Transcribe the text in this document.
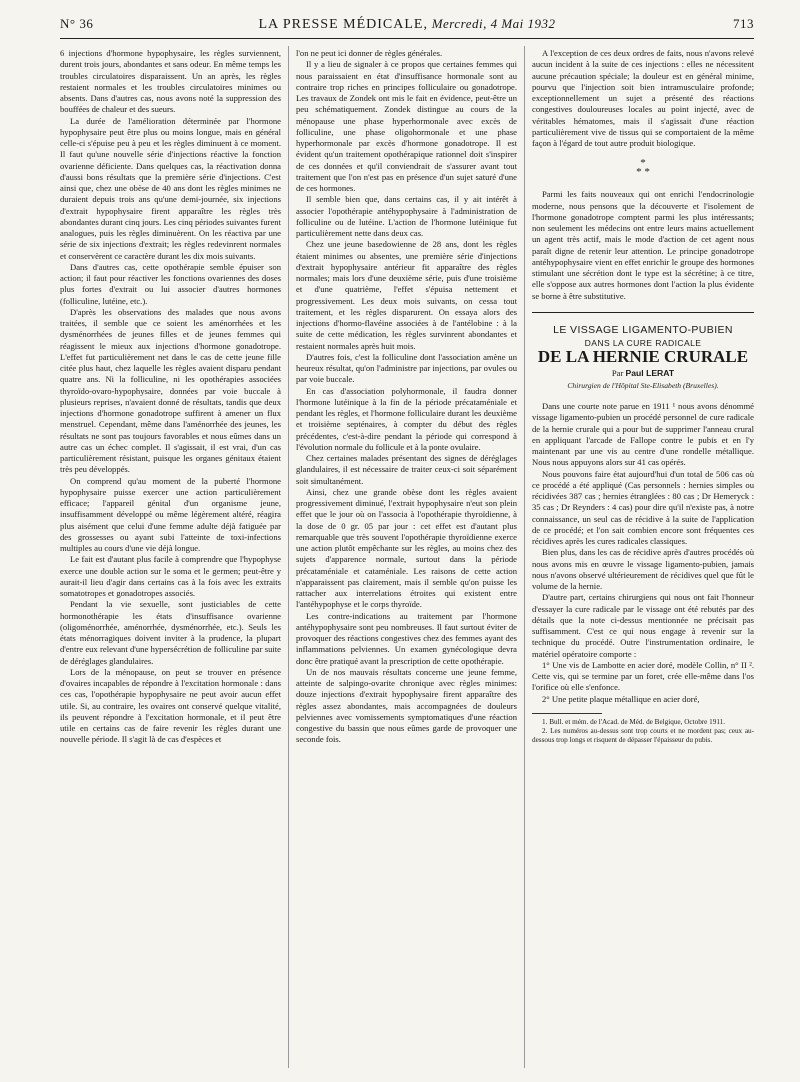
N° 36	LA PRESSE MÉDICALE, Mercredi, 4 Mai 1932	713

6 injections d'hormone hypophysaire, les règles surviennent, durent trois jours, abondantes et sans odeur. En même temps les troubles circulatoires disparaissent. Un an après, les règles restaient normales et les troubles circulatoires minimes ou absents. Dans d'autres cas, nous avons noté la suppression des bouffées de chaleur et des sueurs.

La durée de l'amélioration déterminée par l'hormone hypophysaire peut être plus ou moins longue, mais en général celle-ci s'épuise peu à peu et les règles diminuent à ce moment. Il faut qu'une nouvelle série d'injections réactive la fonction ovarienne déficiente. Dans quelques cas, la réactivation donna d'aussi bons résultats que la première série d'injections. C'est ainsi que, chez une obèse de 40 ans dont les règles minimes ne duraient depuis trois ans qu'une demi-journée, six injections d'extrait hypophysaire firent apparaître les règles très abondantes durant cinq jours. Les cinq périodes suivantes furent analogues, puis les règles diminuèrent. On les réactiva par une série de six injections d'extrait; les règles redevinrent normales et conservèrent ce caractère durant les dix mois suivants.

Dans d'autres cas, cette opothérapie semble épuiser son action; il faut pour réactiver les fonctions ovariennes des doses plus fortes d'extrait ou lui associer d'autres hormones (folliculine, lutéine, etc.).

D'après les observations des malades que nous avons traitées, il semble que ce soient les aménorrhées et les dysménorrhées de jeunes filles et de jeunes femmes qui réagissent le mieux aux injections d'hormone gonadotrope. L'effet fut particulièrement net dans le cas de cette jeune fille citée plus haut, chez laquelle les règles avaient disparu pendant quatre ans. Ni la folliculine, ni les opothérapies associées thyroïdo-ovaro-hypophysaire, données par voie buccale à plusieurs reprises, n'avaient donné de résultats, tandis que deux injections d'hormone gonadotrope suffirent à amener un flux menstruel. Cependant, même dans l'aménorrhée des jeunes, les résultats ne sont pas toujours favorables et nous eûmes dans un autre cas un échec complet. Il s'agissait, il est vrai, d'un cas particulièrement résistant, puisque les organes génitaux étaient très peu développés.

On comprend qu'au moment de la puberté l'hormone hypophysaire puisse exercer une action particulièrement efficace; l'appareil génital d'un organisme jeune, insuffisamment développé ou même légèrement altéré, réagira plus aisément que celui d'une femme adulte déjà fatiguée par des grossesses ou ayant subi l'atteinte de toxi-infections multiples au cours d'une vie déjà longue.

Le fait est d'autant plus facile à comprendre que l'hypophyse exerce une double action sur le soma et le germen; peut-être y aurait-il lieu d'agir dans certains cas à la fois avec les extraits somatotropes et gonadotropes associés.

Pendant la vie sexuelle, sont justiciables de cette hormonothérapie les états d'insuffisance ovarienne (oligoménorrhée, aménorrhée, dysménorrhée, etc.). Seuls les états ménorragiques doivent inviter à la prudence, la plupart d'entre eux relevant d'une hypersécrétion de folliculine par suite de déréglages glandulaires.

Lors de la ménopause, on peut se trouver en présence d'ovaires incapables de répondre à l'excitation hormonale : dans ces cas, l'opothérapie hypophysaire ne peut avoir aucun effet utile. Si, au contraire, les ovaires ont conservé quelque vitalité, ils peuvent répondre à l'excitation hormonale, et il peut être utile en certains cas de faire revenir les règles durant une nouvelle période. Il s'agit là de cas d'espèces et

l'on ne peut ici donner de règles générales.

Il y a lieu de signaler à ce propos que certaines femmes qui nous paraissaient en état d'insuffisance hormonale sont au contraire trop riches en principes folliculaire ou gonadotrope. Les travaux de Zondek ont mis le fait en évidence, peut-être un peu schématiquement. Zondek distingue au cours de la ménopause une phase hyperhormonale avec excès de folliculine, une phase oligohormonale et une phase hyperhormonale par excès d'hormone gonadotrope. Il est évident qu'un traitement opothérapique rationnel doit s'inspirer de ces données et qu'il conviendrait de s'assurer avant tout traitement que l'on n'est pas en présence d'un sujet saturé d'une de ces hormones.

Il semble bien que, dans certains cas, il y ait intérêt à associer l'opothérapie antéhypophysaire à l'administration de folliculine ou de lutéine. L'action de l'hormone lutéinique fut particulièrement nette dans deux cas.

Chez une jeune basedowienne de 28 ans, dont les règles étaient minimes ou absentes, une première série d'injections d'extrait hypophysaire antérieur fit apparaître des règles normales; mais lors d'une deuxième série, puis d'une troisième et d'une quatrième, l'effet s'épuisa nettement et progressivement. Les deux mois suivants, on cessa tout traitement, et les règles disparurent. On essaya alors des injections d'hormo-flavéine associées à de l'antélobine : à la suite de cette médication, les règles survinrent abondantes et restaient normales après huit mois.

D'autres fois, c'est la folliculine dont l'association amène un heureux résultat, qu'on l'administre par injections, par ovules ou par voie buccale.

En cas d'association polyhormonale, il faudra donner l'hormone lutéinique à la fin de la période précataméniale et pendant les règles, et l'hormone folliculaire durant les deuxième et troisième septénaires, à compter du début des règles précédentes, c'est-à-dire pendant la période qui correspond à l'évolution normale du follicule et à la ponte ovulaire.

Chez certaines malades présentant des signes de déréglages glandulaires, il est nécessaire de traiter ceux-ci soit séparément soit simultanément.

Ainsi, chez une grande obèse dont les règles avaient progressivement diminué, l'extrait hypophysaire n'eut son plein effet que le jour où on l'associa à l'opothérapie thyroïdienne, à la dose de 0 gr. 05 par jour : cet effet est d'autant plus remarquable que très souvent l'opothérapie thyroïdienne exerce une action plutôt empêchante sur les règles, au moins chez des sujets d'apparence normale, surtout dans la période précataméniale et cataméniale. Les raisons de cette action n'apparaissent pas clairement, mais il semble qu'on puisse les rattacher aux interrelations étroites qui existent entre l'antéhypophyse et le corps thyroïde.

Les contre-indications au traitement par l'hormone antéhypophysaire sont peu nombreuses. Il faut surtout éviter de provoquer des réactions congestives chez des femmes ayant des inflammations pelviennes. Un examen gynécologique devra donc être pratiqué avant la prescription de cette opothérapie.

Un de nos mauvais résultats concerne une jeune femme, atteinte de salpingo-ovarite chronique avec règles minimes: douze injections d'extrait hypophysaire firent apparaître des règles assez abondantes, mais accompagnées de douleurs pelviennes avec vomissements symptomatiques d'une réaction congestive du bassin que nous eûmes garde de provoquer une seconde fois.

A l'exception de ces deux ordres de faits, nous n'avons relevé aucun incident à la suite de ces injections : elles ne nécessitent aucune précaution spéciale; la douleur est en général minime, pourvu que l'injection soit bien intramusculaire profonde; exceptionnellement un sujet a présenté des réactions congestives douloureuses locales au point injecté, avec de véritables hématomes, mais il s'agissait d'une réaction particulièrement vive de tissus qui se comportaient de la même façon à l'égard de tout autre produit biologique.

*
* *

Parmi les faits nouveaux qui ont enrichi l'endocrinologie moderne, nous pensons que la découverte et l'isolement de l'hormone gonadotrope comptent parmi les plus intéressants; non seulement les médecins ont entre leurs mains actuellement un agent très actif, mais le mode d'action de cet agent nous paraît digne de retenir leur attention. Le principe gonadotrope antéhypophysaire vient en effet enrichir le groupe des hormones stimulant une sécrétion dont le type est la sécrétine; à ce titre, elle s'oppose aux autres hormones dont l'action la plus évidente se borne à être substitutive.

LE VISSAGE LIGAMENTO-PUBIEN
DANS LA CURE RADICALE
DE LA HERNIE CRURALE
Par Paul LERAT
Chirurgien de l'Hôpital Ste-Elisabeth (Bruxelles).

Dans une courte note parue en 1911 ¹ nous avons dénommé vissage ligamento-pubien un procédé personnel de cure radicale de la hernie crurale qui a pour but de supprimer l'anneau crural en appliquant l'arcade de Fallope contre le pubis et en l'y maintenant par une vis au centre d'une rondelle métallique. Nous nous appuyons alors sur 41 cas opérés.

Nous pouvons faire état aujourd'hui d'un total de 506 cas où ce procédé a été appliqué (Cas personnels : hernies simples ou récidivées 387 cas ; hernies étranglées : 80 cas ; Dr Hemeryck : 35 cas ; Dr Reynders : 4 cas) pour dire qu'il n'existe pas, à notre connaissance, un seul cas de récidive à la suite de l'application de ce procédé; et l'on sait combien encore sont fréquentes ces récidives après les cures radicales classiques.

Bien plus, dans les cas de récidive après d'autres procédés où nous avons mis en œuvre le vissage ligamento-pubien, jamais nous n'avons observé ultérieurement de récidives quel que fût le volume de la hernie.

D'autre part, certains chirurgiens qui nous ont fait l'honneur d'essayer la cure radicale par le vissage ont été rebutés par des détails que la note ci-dessus mentionnée ne précisait pas suffisamment. C'est ce qui nous engage à revenir sur la technique du procédé. Outre l'instrumentation ordinaire, le matériel opératoire comporte :

1° Une vis de Lambotte en acier doré, modèle Collin, n° II ². Cette vis, qui se termine par un foret, crée elle-même dans l'os l'orifice où elle s'enfonce.

2° Une petite plaque métallique en acier doré,

1. Bull. et mém. de l'Acad. de Méd. de Belgique, Octobre 1911.

2. Les numéros au-dessus sont trop courts et ne mordent pas; ceux au-dessous trop longs et risquent de dépasser l'épaisseur du pubis.
